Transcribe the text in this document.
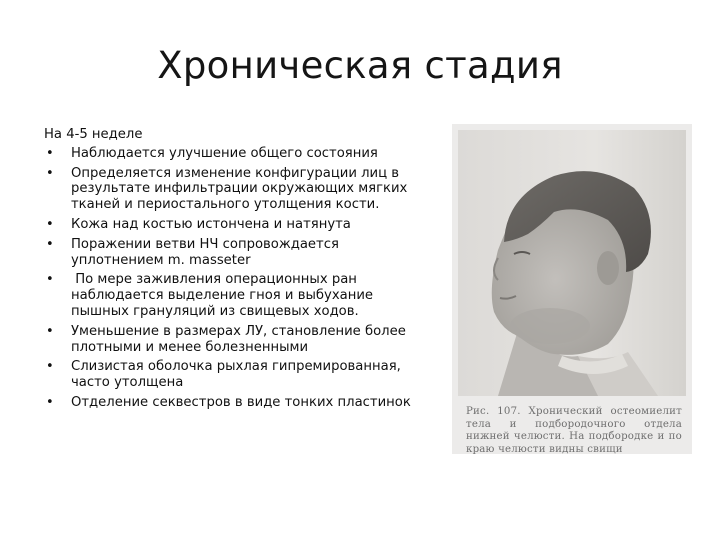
Хроническая стадия
На 4-5 неделе
• Наблюдается улучшение общего состояния
• Определяется изменение конфигурации лиц в результате инфильтрации окружающих мягких тканей и периостального утолщения кости.
• Кожа над костью истончена и натянута
• Поражении ветви НЧ сопровождается уплотнением m. masseter
• По мере заживления операционных ран наблюдается выделение гноя и выбухание пышных грануляций из свищевых ходов.
• Уменьшение в размерах ЛУ, становление более плотными и менее болезненными
• Слизистая оболочка рыхлая гипремированная, часто утолщена
• Отделение секвестров в виде тонких пластинок
Рис. 107. Хронический остеомиелит тела и подбородочного отдела нижней челюсти. На подбородке и по краю челюсти видны свищи
